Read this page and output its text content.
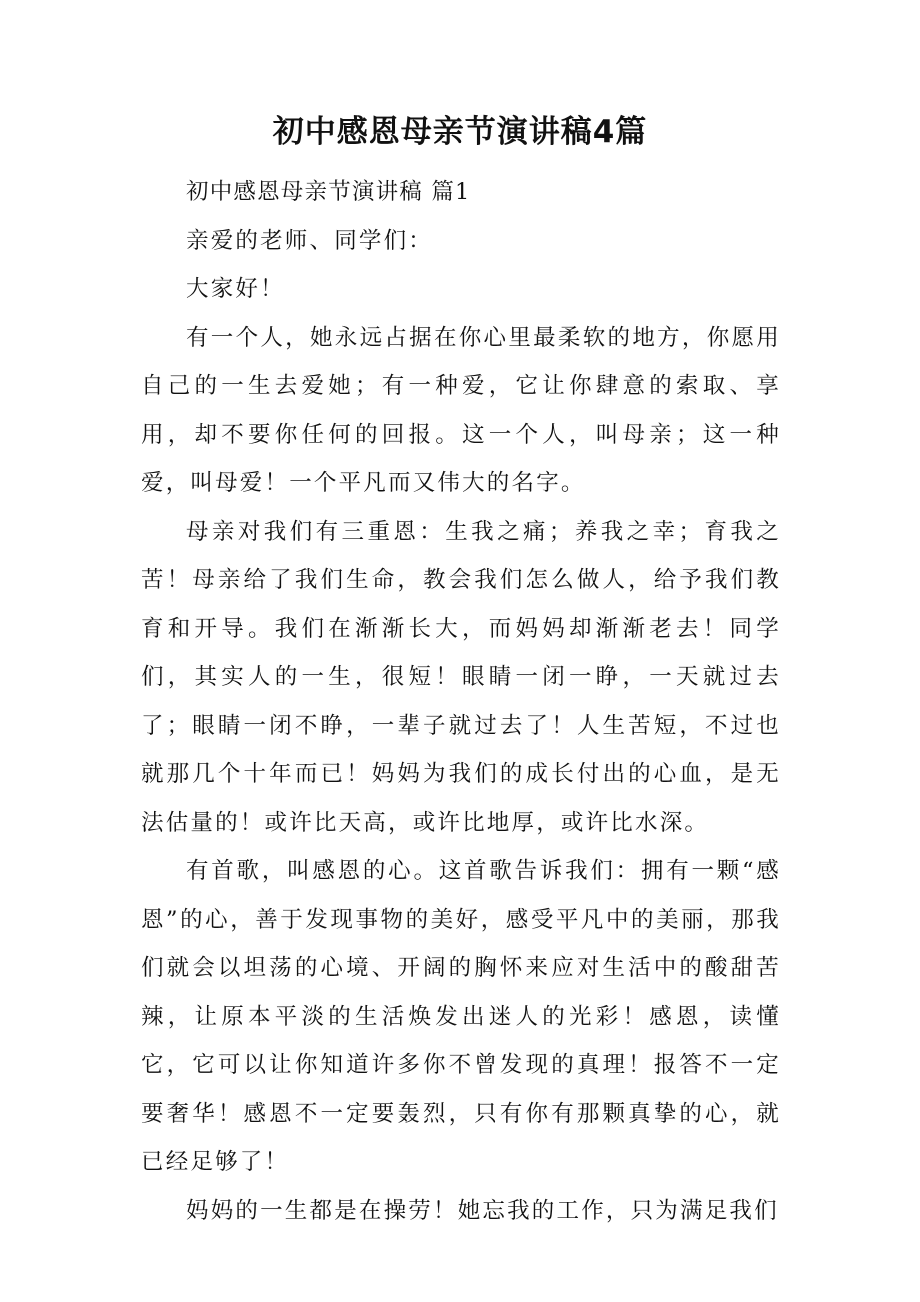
初中感恩母亲节演讲稿4篇

初中感恩母亲节演讲稿 篇1

亲爱的老师、同学们：

大家好！

有一个人，她永远占据在你心里最柔软的地方，你愿用自己的一生去爱她；有一种爱，它让你肆意的索取、享用，却不要你任何的回报。这一个人，叫母亲；这一种爱，叫母爱！一个平凡而又伟大的名字。

母亲对我们有三重恩：生我之痛；养我之幸；育我之苦！母亲给了我们生命，教会我们怎么做人，给予我们教育和开导。我们在渐渐长大，而妈妈却渐渐老去！同学们，其实人的一生，很短！眼睛一闭一睁，一天就过去了；眼睛一闭不睁，一辈子就过去了！人生苦短，不过也就那几个十年而已！妈妈为我们的成长付出的心血，是无法估量的！或许比天高，或许比地厚，或许比水深。

有首歌，叫感恩的心。这首歌告诉我们：拥有一颗“感恩”的心，善于发现事物的美好，感受平凡中的美丽，那我们就会以坦荡的心境、开阔的胸怀来应对生活中的酸甜苦辣，让原本平淡的生活焕发出迷人的光彩！感恩，读懂它，它可以让你知道许多你不曾发现的真理！报答不一定要奢华！感恩不一定要轰烈，只有你有那颗真挚的心，就已经足够了！

妈妈的一生都是在操劳！她忘我的工作，只为满足我们
